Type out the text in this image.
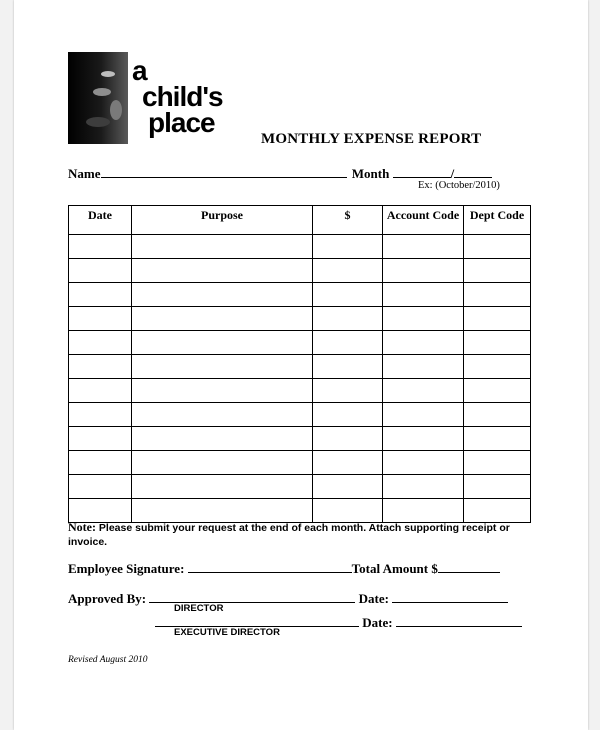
a
child's
place
MONTHLY EXPENSE REPORT
Name	Month	/
Ex: (October/2010)
Date	Purpose	$	Account Code	Dept Code

Note: Please submit your request at the end of each month. Attach supporting receipt or invoice.
Employee Signature:	Total Amount $
Approved By:	Date:
DIRECTOR
Date:
EXECUTIVE DIRECTOR
Revised August 2010
